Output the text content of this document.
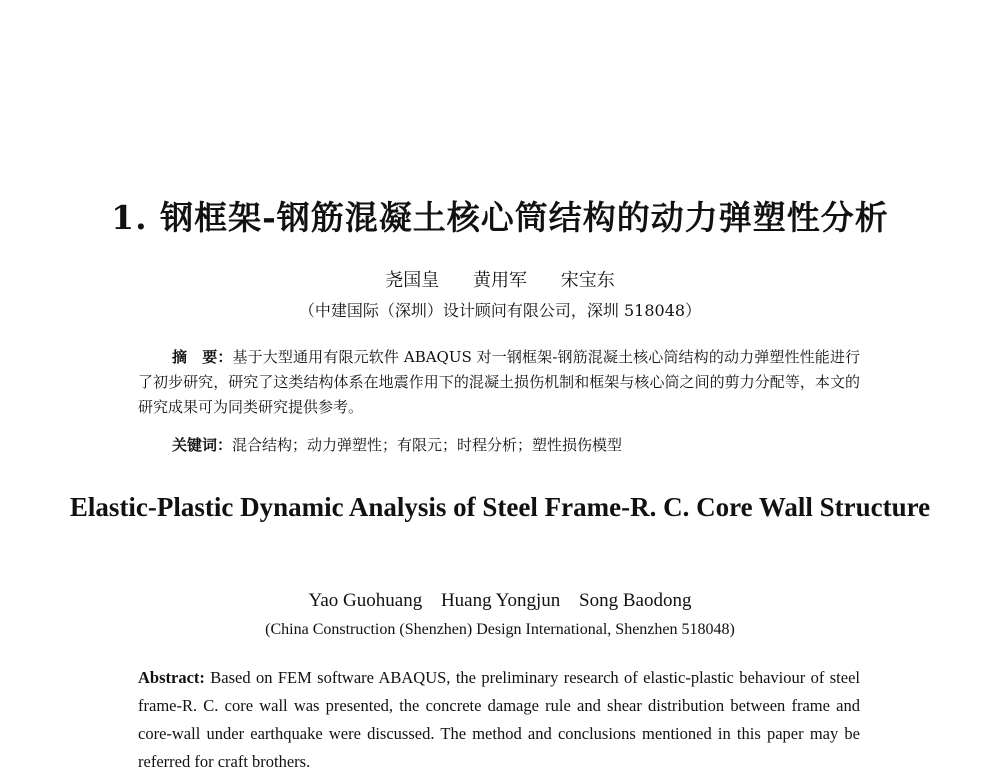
1. 钢框架-钢筋混凝土核心筒结构的动力弹塑性分析
尧国皇 黄用军 宋宝东
（中建国际（深圳）设计顾问有限公司，深圳 518048）
摘　要：基于大型通用有限元软件 ABAQUS 对一钢框架-钢筋混凝土核心筒结构的动力弹塑性性能进行了初步研究，研究了这类结构体系在地震作用下的混凝土损伤机制和框架与核心筒之间的剪力分配等，本文的研究成果可为同类研究提供参考。
关键词：混合结构；动力弹塑性；有限元；时程分析；塑性损伤模型
Elastic-Plastic Dynamic Analysis of Steel Frame-R. C. Core Wall Structure
Yao Guohuang Huang Yongjun Song Baodong
(China Construction (Shenzhen) Design International, Shenzhen 518048)
Abstract: Based on FEM software ABAQUS, the preliminary research of elastic-plastic behaviour of steel frame-R. C. core wall was presented, the concrete damage rule and shear distribution between frame and core-wall under earthquake were discussed. The method and conclusions mentioned in this paper may be referred for craft brothers.
